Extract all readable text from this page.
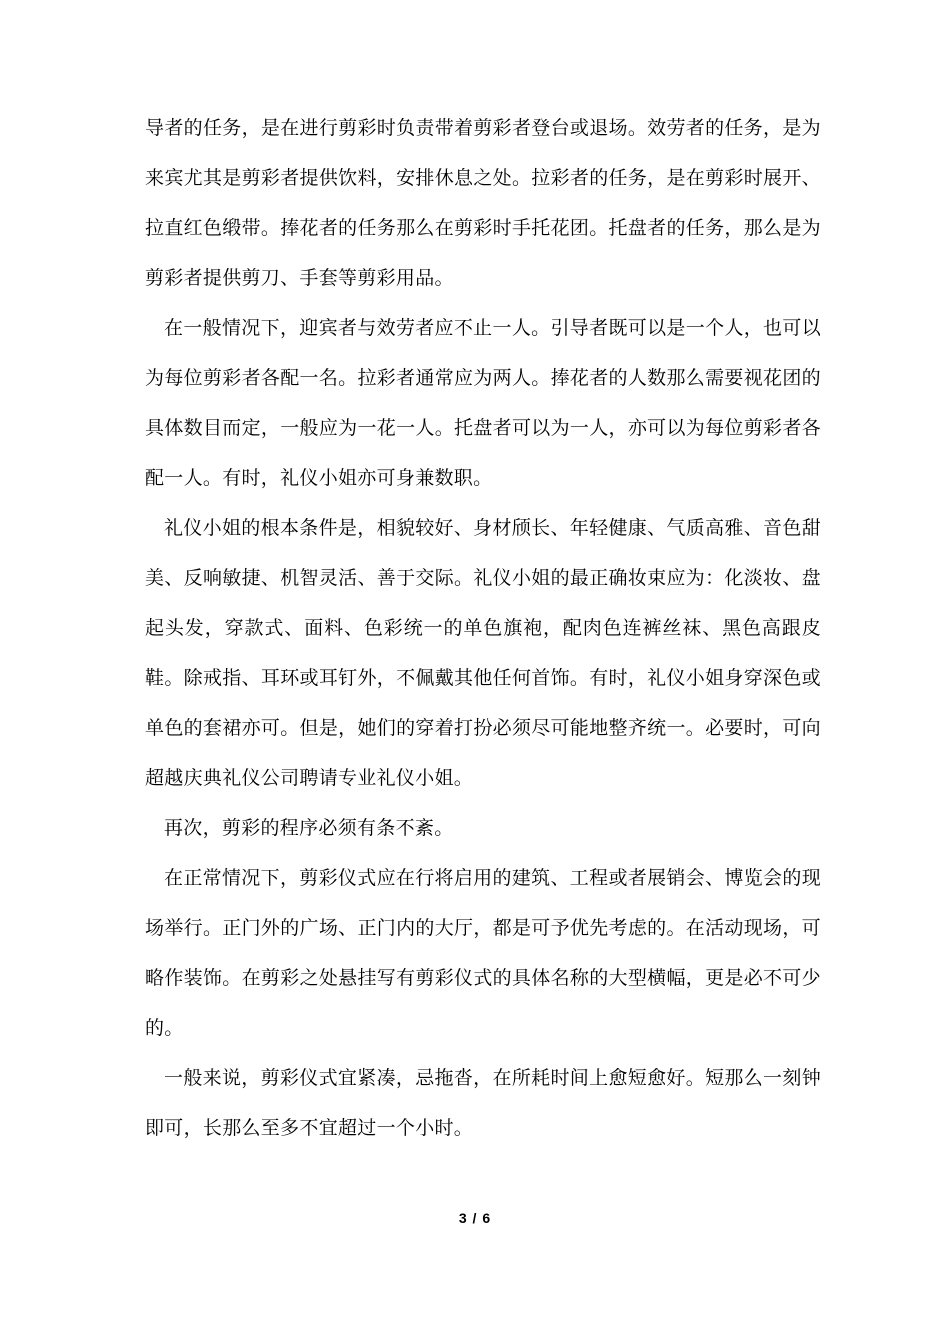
导者的任务，是在进行剪彩时负责带着剪彩者登台或退场。效劳者的任务，是为来宾尤其是剪彩者提供饮料，安排休息之处。拉彩者的任务，是在剪彩时展开、拉直红色缎带。捧花者的任务那么在剪彩时手托花团。托盘者的任务，那么是为剪彩者提供剪刀、手套等剪彩用品。

在一般情况下，迎宾者与效劳者应不止一人。引导者既可以是一个人，也可以为每位剪彩者各配一名。拉彩者通常应为两人。捧花者的人数那么需要视花团的具体数目而定，一般应为一花一人。托盘者可以为一人，亦可以为每位剪彩者各配一人。有时，礼仪小姐亦可身兼数职。

礼仪小姐的根本条件是，相貌较好、身材颀长、年轻健康、气质高雅、音色甜美、反响敏捷、机智灵活、善于交际。礼仪小姐的最正确妆束应为：化淡妆、盘起头发，穿款式、面料、色彩统一的单色旗袍，配肉色连裤丝袜、黑色高跟皮鞋。除戒指、耳环或耳钉外，不佩戴其他任何首饰。有时，礼仪小姐身穿深色或单色的套裙亦可。但是，她们的穿着打扮必须尽可能地整齐统一。必要时，可向超越庆典礼仪公司聘请专业礼仪小姐。

再次，剪彩的程序必须有条不紊。

在正常情况下，剪彩仪式应在行将启用的建筑、工程或者展销会、博览会的现场举行。正门外的广场、正门内的大厅，都是可予优先考虑的。在活动现场，可略作装饰。在剪彩之处悬挂写有剪彩仪式的具体名称的大型横幅，更是必不可少的。

一般来说，剪彩仪式宜紧凑，忌拖沓，在所耗时间上愈短愈好。短那么一刻钟即可，长那么至多不宜超过一个小时。

3 / 6
